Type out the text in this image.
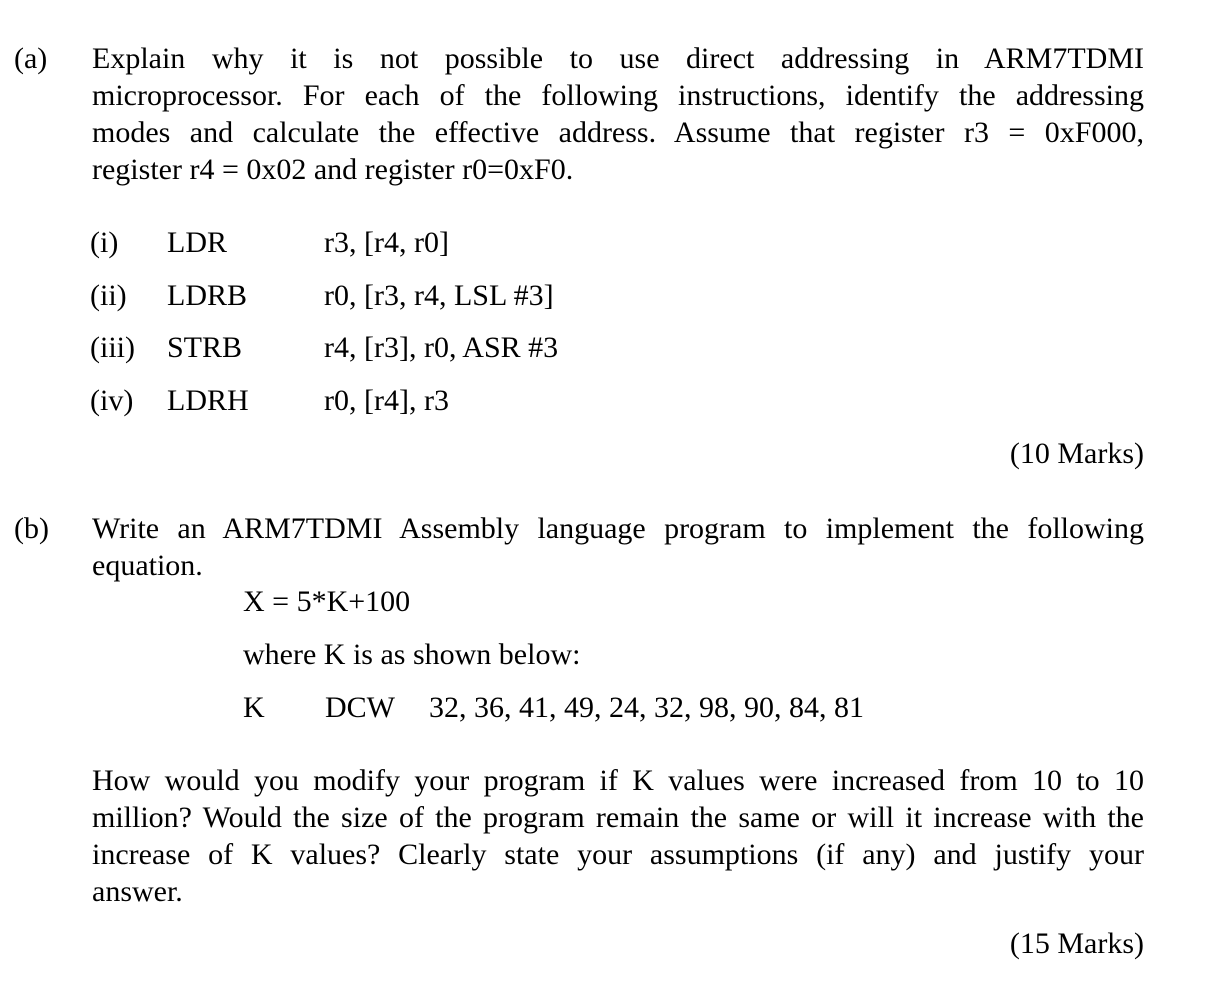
(a) Explain why it is not possible to use direct addressing in ARM7TDMI
microprocessor. For each of the following instructions, identify the addressing
modes and calculate the effective address. Assume that register r3 = 0xF000,
register r4 = 0x02 and register r0=0xF0.
(i) LDR	r3, [r4, r0]
(ii) LDRB	r0, [r3, r4, LSL #3]
(iii) STRB	r4, [r3], r0, ASR #3
(iv) LDRH	r0, [r4], r3
(10 Marks)
(b) Write an ARM7TDMI Assembly language program to implement the following
equation.
X = 5*K+100
where K is as shown below:
K DCW 32, 36, 41, 49, 24, 32, 98, 90, 84, 81
How would you modify your program if K values were increased from 10 to 10
million? Would the size of the program remain the same or will it increase with the
increase of K values? Clearly state your assumptions (if any) and justify your
answer.
(15 Marks)
